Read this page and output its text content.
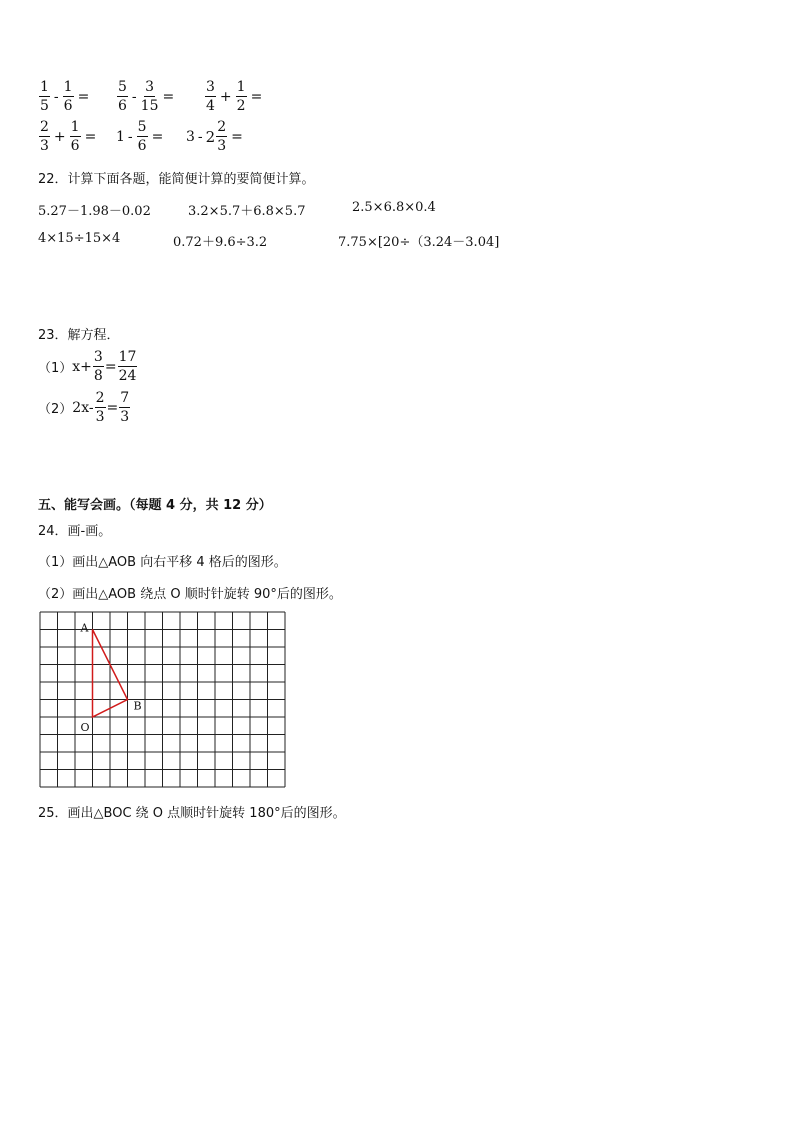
$\frac{1}{5} - \frac{1}{6} = \frac{5}{6} - \frac{3}{15} = \frac{3}{4} + \frac{1}{2}$ =
$\frac{2}{3} + \frac{1}{6} = 1 - \frac{5}{6} = 3 - 2 \frac{2}{3}$ =
22．计算下面各题，能简便计算的要简便计算。
5.27－1.98－0.02	3.2×5.7＋6.8×5.7	2.5×6.8×0.4
4×15÷15×4	0.72＋9.6÷3.2	7.75×[20÷（3.24－3.04]
23．解方程．
（1） $x+ \frac{3}{8} = \frac{17}{24}$
（2） $2x- \frac{2}{3} = \frac{7}{3}$
五、能写会画。（每题 4 分，共 12 分）
24．画-画。
（1）画出△AOB 向右平移 4 格后的图形。
（2）画出△AOB 绕点 O 顺时针旋转 90°后的图形。
A
O
B
25．画出△BOC 绕 O 点顺时针旋转 180°后的图形。
